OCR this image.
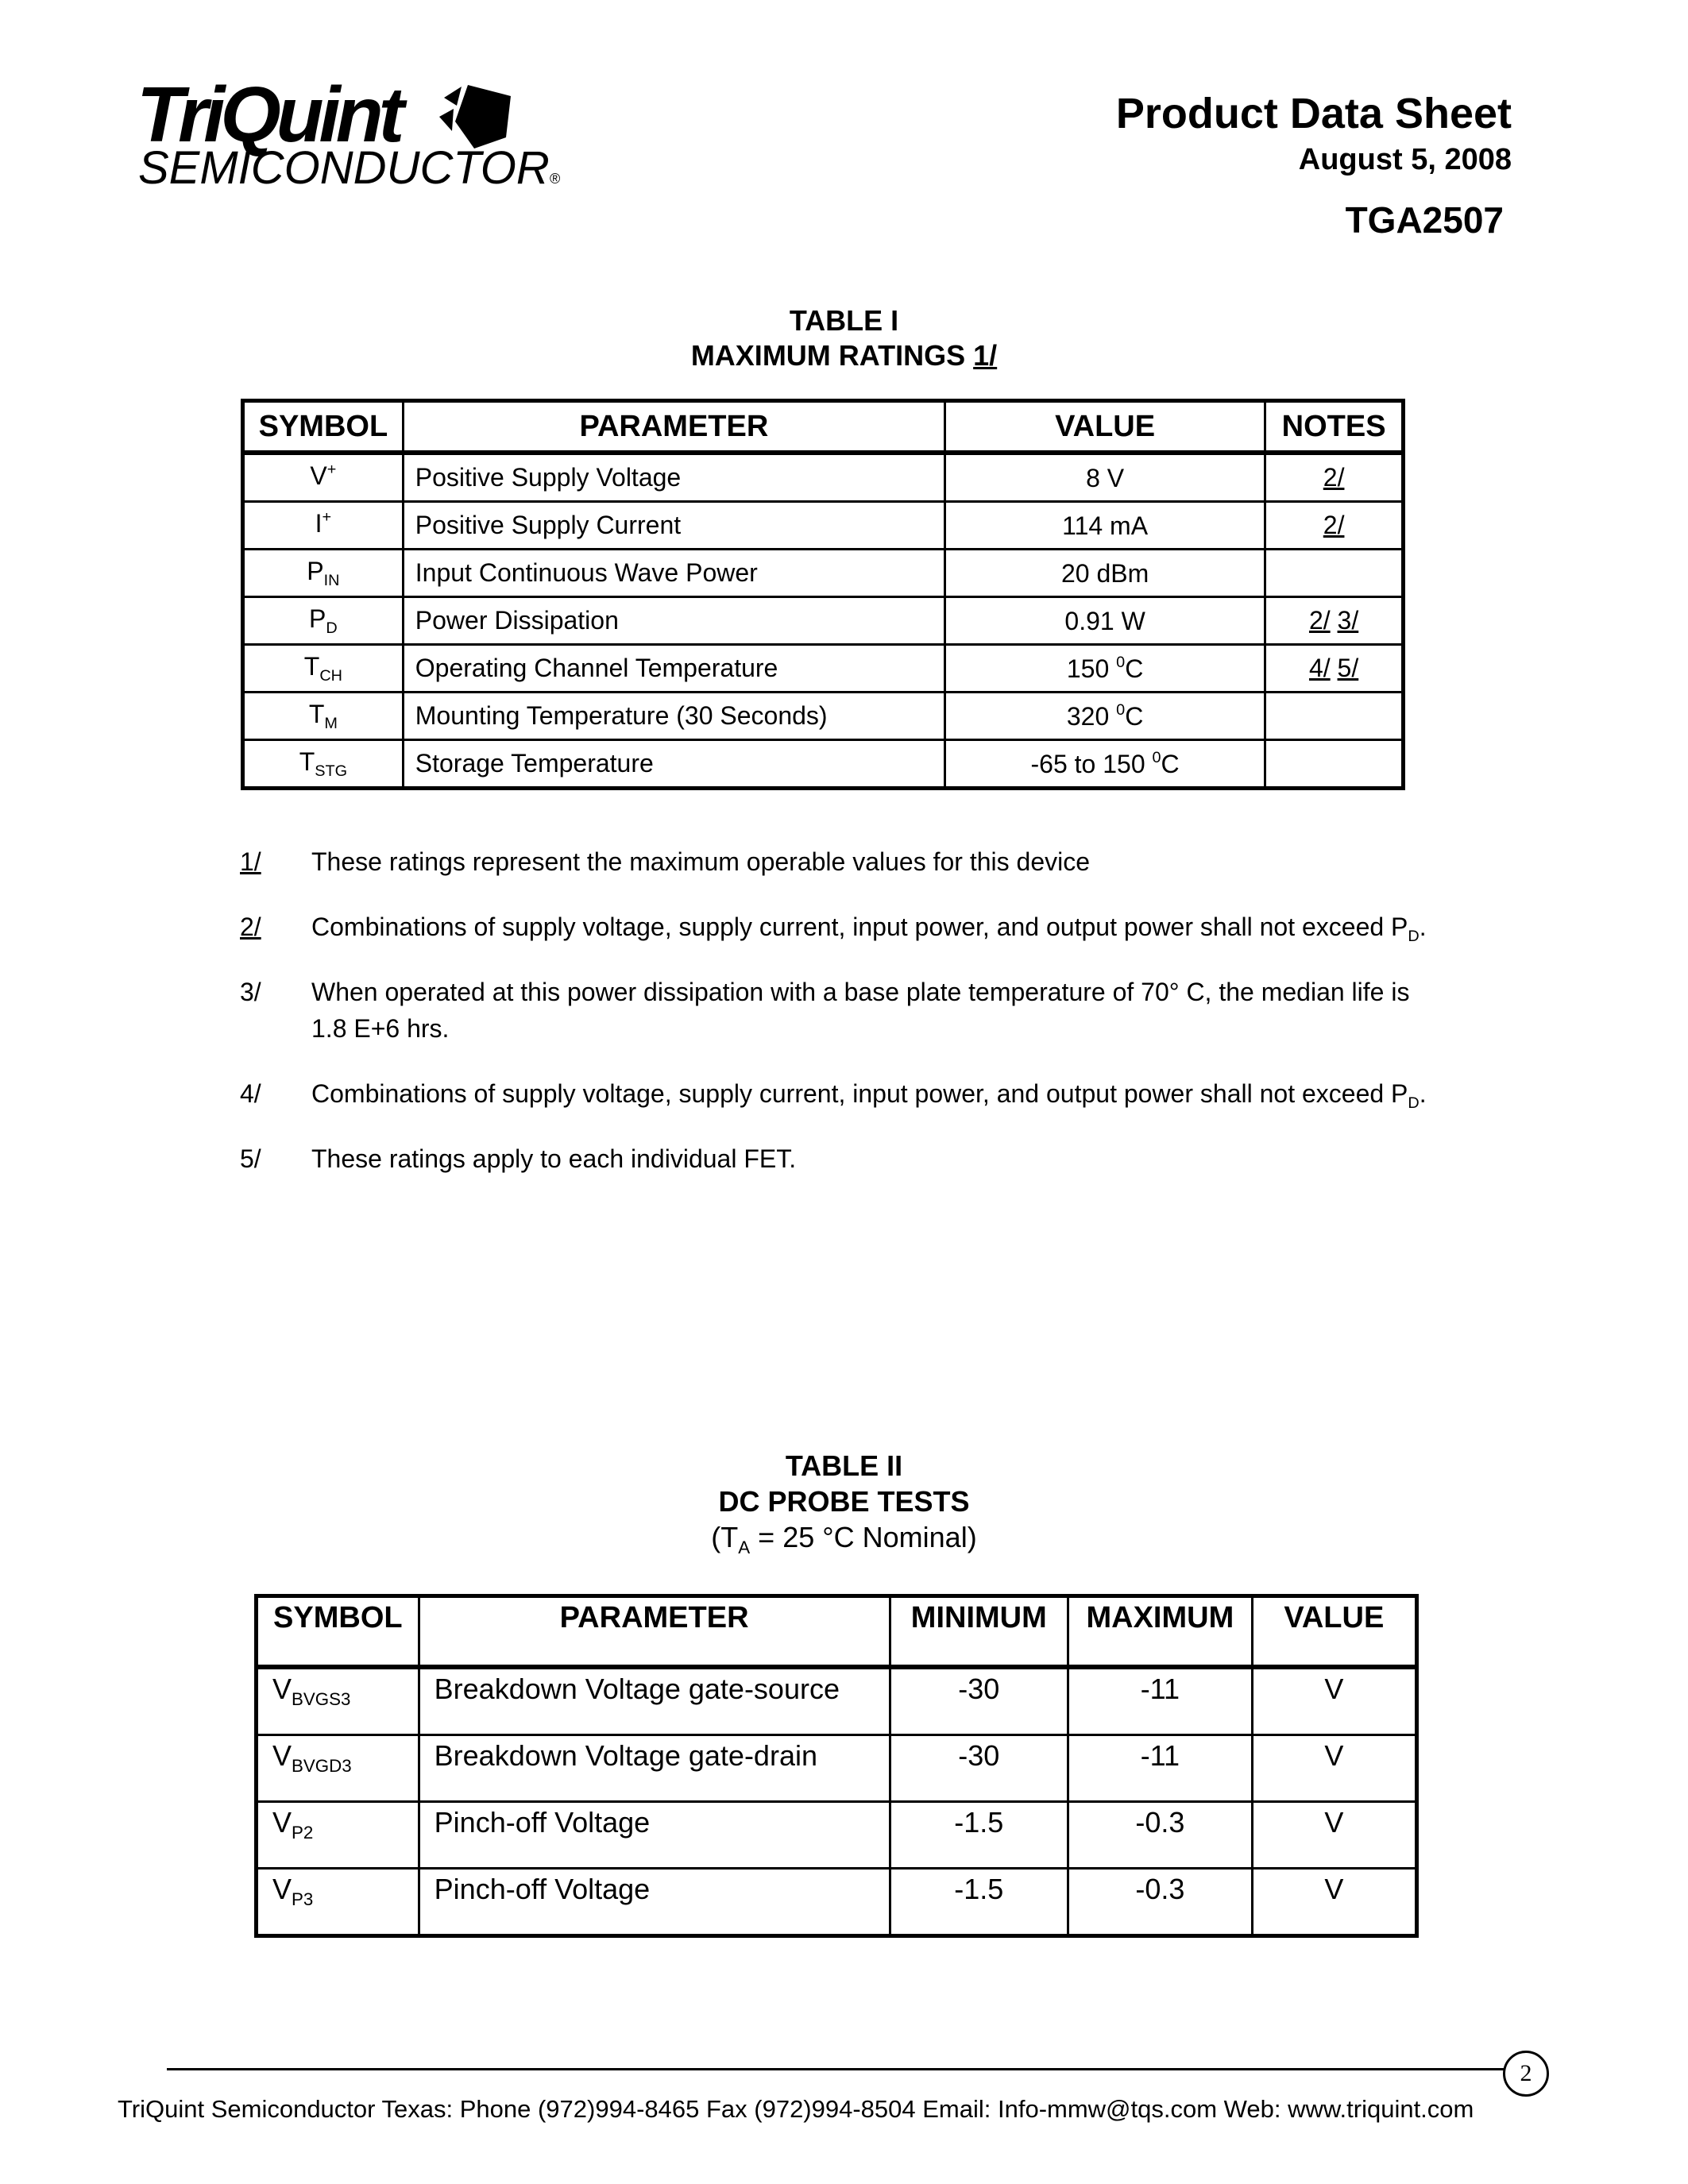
TriQuint
SEMICONDUCTOR®
Product Data Sheet
August 5, 2008
TGA2507
TABLE I
MAXIMUM RATINGS 1/
SYMBOL	PARAMETER	VALUE	NOTES
V+	Positive Supply Voltage	8 V	2/
I+	Positive Supply Current	114 mA	2/
$P_{IN}$	Input Continuous Wave Power	20 dBm	
$P_D$	Power Dissipation	0.91 W	2/ 3/
$T_{CH}$	Operating Channel Temperature	150 $^0$C	4/ 5/
$T_M$	Mounting Temperature (30 Seconds)	320 $^0$C	
$T_{STG}$	Storage Temperature	-65 to 150 $^0$C	
1/ These ratings represent the maximum operable values for this device
2/ Combinations of supply voltage, supply current, input power, and output power shall not exceed $P_D$.
3/ When operated at this power dissipation with a base plate temperature of 70° C, the median life is 1.8 E+6 hrs.
4/ Combinations of supply voltage, supply current, input power, and output power shall not exceed $P_D$.
5/ These ratings apply to each individual FET.
TABLE II
DC PROBE TESTS
($T_A = 25$ °C Nominal)
SYMBOL	PARAMETER	MINIMUM	MAXIMUM	VALUE
$V_{BVGS3}$	Breakdown Voltage gate-source	-30	-11	V
$V_{BVGD3}$	Breakdown Voltage gate-drain	-30	-11	V
$V_{P2}$	Pinch-off Voltage	-1.5	-0.3	V
$V_{P3}$	Pinch-off Voltage	-1.5	-0.3	V
2
TriQuint Semiconductor Texas: Phone (972)994-8465 Fax (972)994-8504 Email: Info-mmw@tqs.com Web: www.triquint.com
